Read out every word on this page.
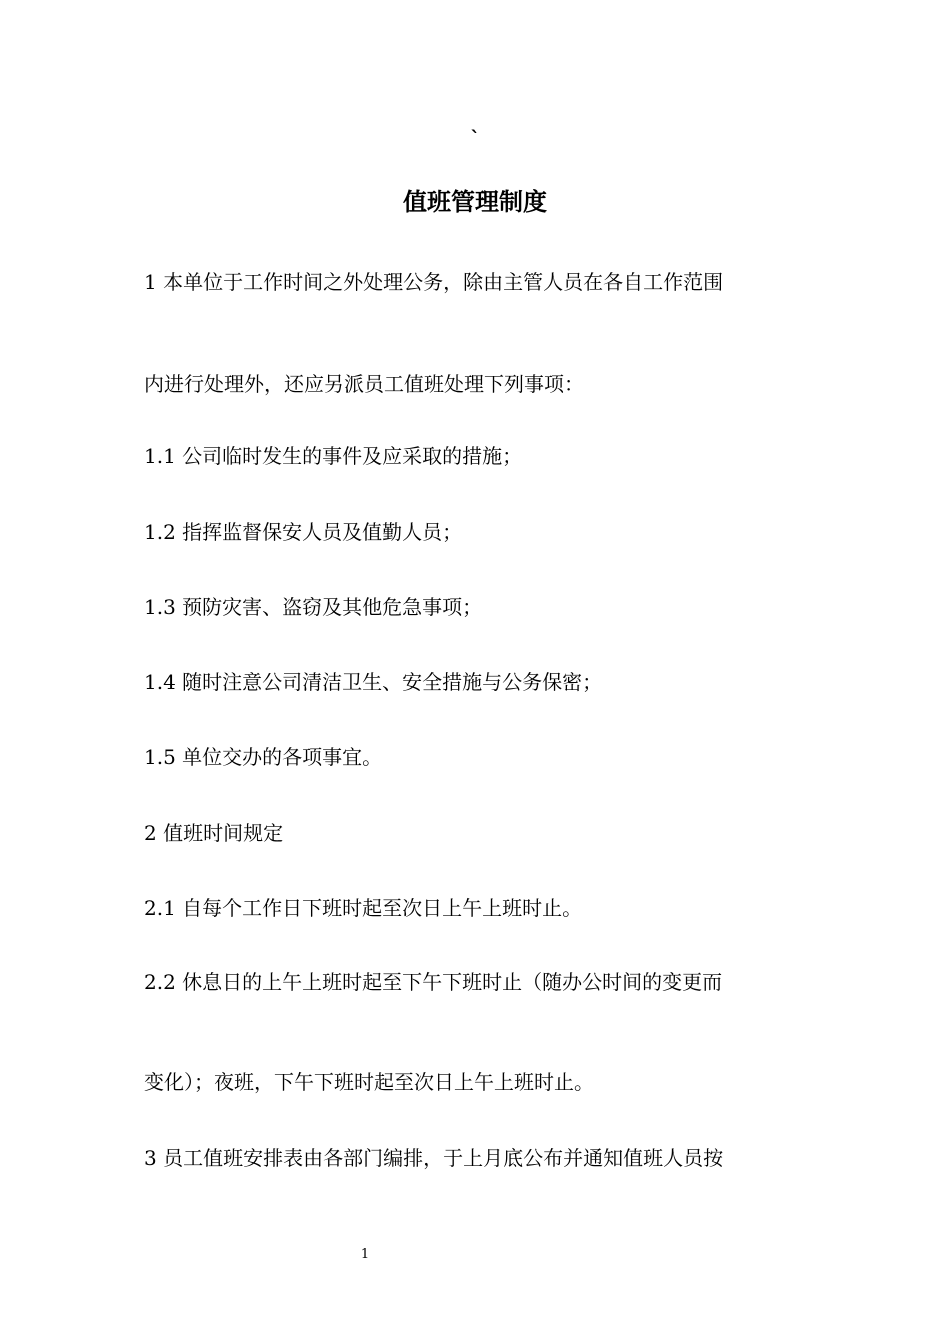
`
值班管理制度
1 本单位于工作时间之外处理公务，除由主管人员在各自工作范围
内进行处理外，还应另派员工值班处理下列事项：
1.1 公司临时发生的事件及应采取的措施；
1.2 指挥监督保安人员及值勤人员；
1.3 预防灾害、盗窃及其他危急事项；
1.4 随时注意公司清洁卫生、安全措施与公务保密；
1.5 单位交办的各项事宜。
2 值班时间规定
2.1 自每个工作日下班时起至次日上午上班时止。
2.2 休息日的上午上班时起至下午下班时止（随办公时间的变更而
变化）；夜班，下午下班时起至次日上午上班时止。
3 员工值班安排表由各部门编排，于上月底公布并通知值班人员按
1
